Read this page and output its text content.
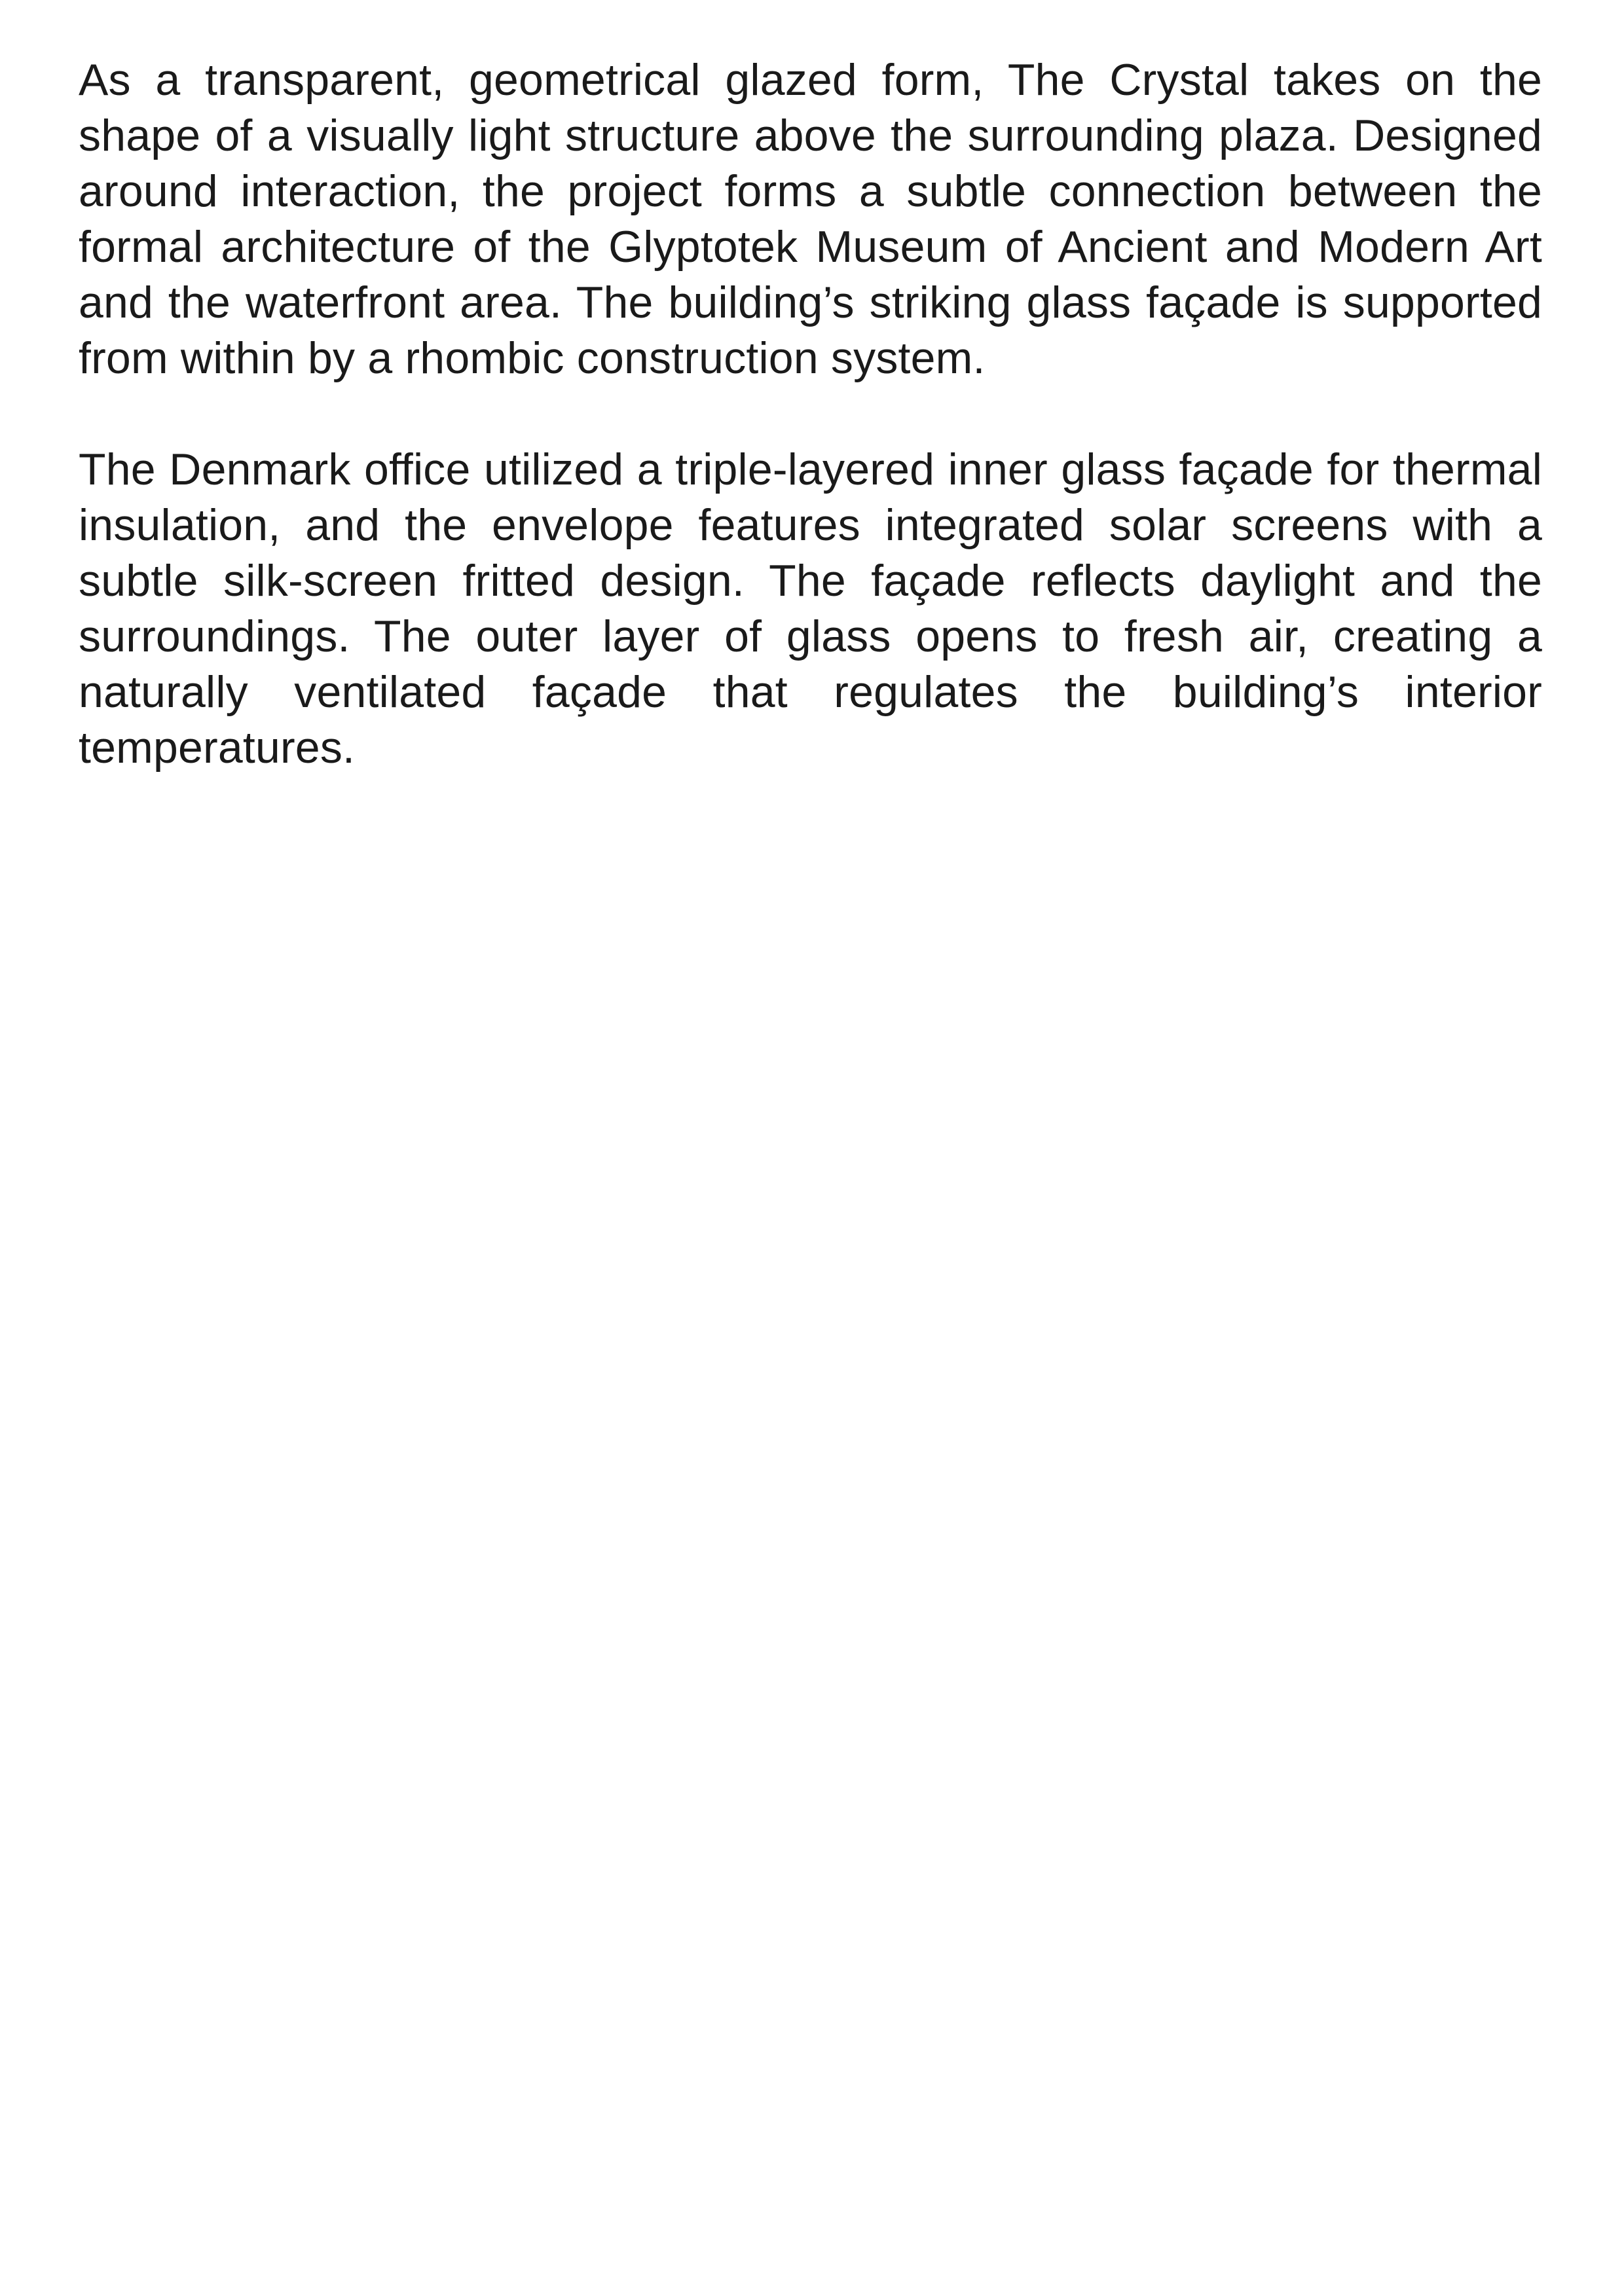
As a transparent, geometrical glazed form, The Crystal takes on the shape of a visually light structure above the surrounding plaza. Designed around interaction, the project forms a subtle connection between the formal architecture of the Glyptotek Museum of Ancient and Modern Art and the waterfront area. The building’s striking glass façade is supported from within by a rhombic construction system.

The Denmark office utilized a triple-layered inner glass façade for thermal insulation, and the envelope features integrated solar screens with a subtle silk-screen fritted design. The façade reflects daylight and the surroundings. The outer layer of glass opens to fresh air, creating a naturally ventilated façade that regulates the building’s interior temperatures.
